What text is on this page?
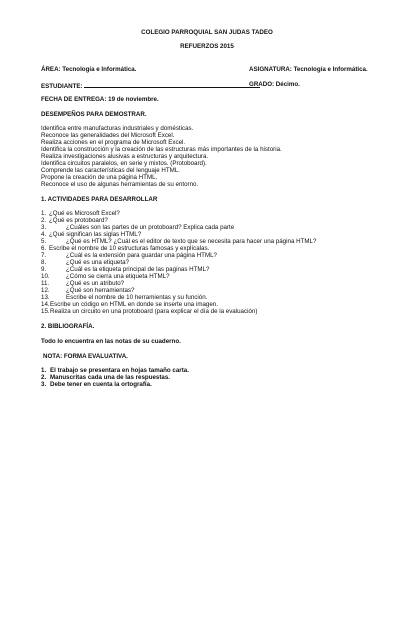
COLEGIO PARROQUIAL SAN JUDAS TADEO
REFUERZOS 2015
ÁREA: Tecnología e Informática.	ASIGNATURA: Tecnología e Informática.
ESTUDIANTE:	GRADO: Décimo.
FECHA DE ENTREGA: 19 de noviembre.
DESEMPEÑOS PARA DEMOSTRAR.
Identifica entre manufacturas industriales y domésticas.
Reconoce las generalidades del Microsoft Excel.
Realiza acciones en el programa de Microsoft Excel.
Identifica la construcción y la creación de las estructuras más importantes de la historia.
Realiza investigaciones alusivas a estructuras y arquitectura.
Identifica circuitos paralelos, en serie y mixtos. (Protoboard).
Comprende las características del lenguaje HTML.
Propone la creación de una página HTML.
Reconoce el uso de algunas herramientas de su entorno.
1. ACTIVIDADES PARA DESARROLLAR
1. ¿Qué es Microsoft Excel?
2. ¿Qué es protoboard?
3.	¿Cuáles son las partes de un protoboard? Explica cada parte
4. ¿Qué significan las siglas HTML?
5.	¿Qué es HTML? ¿Cuál es el editor de texto que se necesita para hacer una página HTML?
6. Escribe el nombre de 10 estructuras famosas y explícalas.
7.	¿Cuál es la extensión para guardar una página HTML?
8.	¿Qué es una etiqueta?
9.	¿Cuál es la etiqueta principal de las paginas HTML?
10.	¿Cómo se cierra una etiqueta HTML?
11.	¿Qué es un atributo?
12.	¿Qué son herramientas?
13.	Escribe el nombre de 10 herramientas y su función.
14. Escribe un código en HTML en donde se inserte una imagen.
15. Realiza un circuito en una protoboard (para explicar el día de la evaluación)
2. BIBLIOGRAFÍA.
Todo lo encuentra en las notas de su cuaderno.
NOTA: FORMA EVALUATIVA.
1. El trabajo se presentara en hojas tamaño carta.
2. Manuscritas cada una de las respuestas.
3. Debe tener en cuenta la ortografía.
